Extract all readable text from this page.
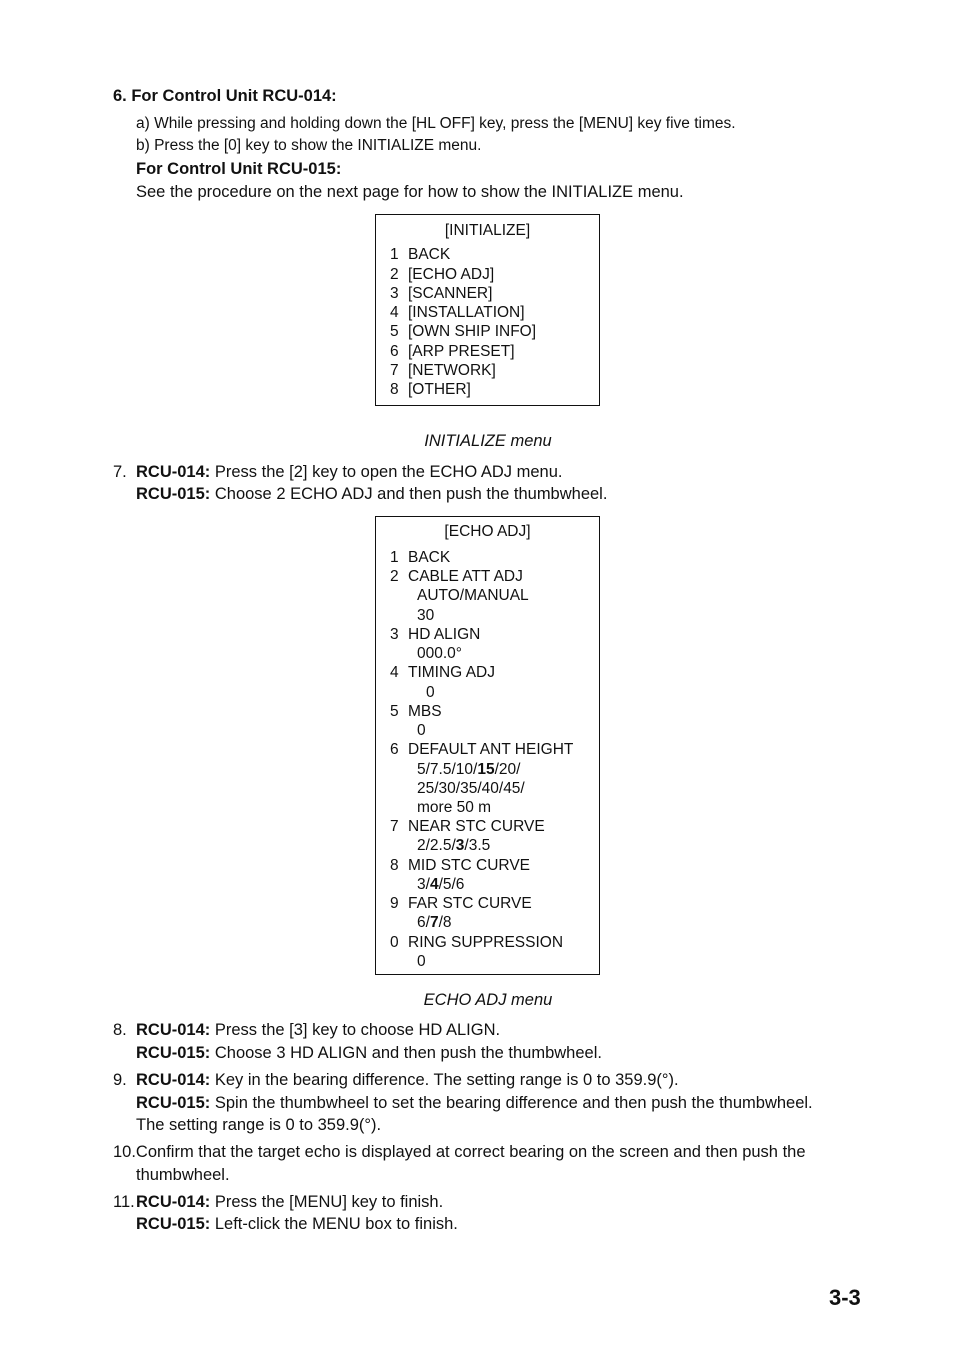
6. For Control Unit RCU-014:
a) While pressing and holding down the [HL OFF] key, press the [MENU] key five times.
b) Press the [0] key to show the INITIALIZE menu.
For Control Unit RCU-015:
See the procedure on the next page for how to show the INITIALIZE menu.
[INITIALIZE]
1 BACK
2 [ECHO ADJ]
3 [SCANNER]
4 [INSTALLATION]
5 [OWN SHIP INFO]
6 [ARP PRESET]
7 [NETWORK]
8 [OTHER]
INITIALIZE menu
7. RCU-014: Press the [2] key to open the ECHO ADJ menu.
RCU-015: Choose 2 ECHO ADJ and then push the thumbwheel.
[ECHO ADJ]
1 BACK
2 CABLE ATT ADJ
AUTO/MANUAL
30
3 HD ALIGN
000.0°
4 TIMING ADJ
0
5 MBS
0
6 DEFAULT ANT HEIGHT
5/7.5/10/15/20/
25/30/35/40/45/
more 50 m
7 NEAR STC CURVE
2/2.5/3/3.5
8 MID STC CURVE
3/4/5/6
9 FAR STC CURVE
6/7/8
0 RING SUPPRESSION
0
ECHO ADJ menu
8. RCU-014: Press the [3] key to choose HD ALIGN.
RCU-015: Choose 3 HD ALIGN and then push the thumbwheel.
9. RCU-014: Key in the bearing difference. The setting range is 0 to 359.9(°).
RCU-015: Spin the thumbwheel to set the bearing difference and then push the thumbwheel.
The setting range is 0 to 359.9(°).
10.Confirm that the target echo is displayed at correct bearing on the screen and then push the
thumbwheel.
11. RCU-014: Press the [MENU] key to finish.
RCU-015: Left-click the MENU box to finish.
3-3
